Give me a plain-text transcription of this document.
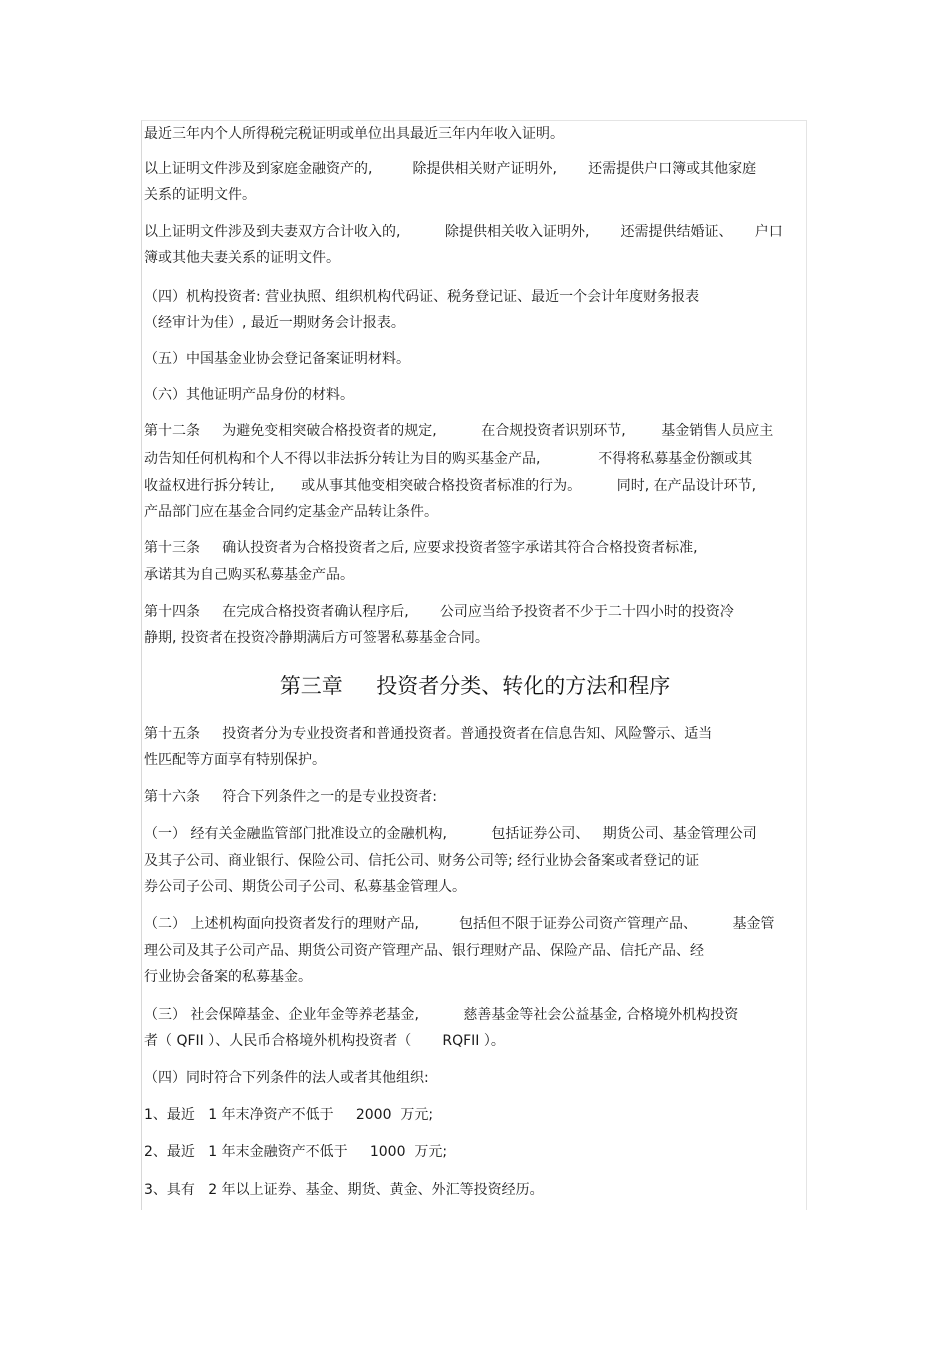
最近三年内个人所得税完税证明或单位出具最近三年内年收入证明。
以上证明文件涉及到家庭金融资产的,         除提供相关财产证明外,       还需提供户口簿或其他家庭
关系的证明文件。
以上证明文件涉及到夫妻双方合计收入的,          除提供相关收入证明外,       还需提供结婚证、     户口
簿或其他夫妻关系的证明文件。
（四）机构投资者: 营业执照、组织机构代码证、税务登记证、最近一个会计年度财务报表
（经审计为佳）, 最近一期财务会计报表。
（五）中国基金业协会登记备案证明材料。
（六）其他证明产品身份的材料。
第十二条     为避免变相突破合格投资者的规定,          在合规投资者识别环节,        基金销售人员应主
动告知任何机构和个人不得以非法拆分转让为目的购买基金产品,             不得将私募基金份额或其
收益权进行拆分转让,      或从事其他变相突破合格投资者标准的行为。        同时, 在产品设计环节,
产品部门应在基金合同约定基金产品转让条件。
第十三条     确认投资者为合格投资者之后, 应要求投资者签字承诺其符合合格投资者标准,
承诺其为自己购买私募基金产品。
第十四条     在完成合格投资者确认程序后,       公司应当给予投资者不少于二十四小时的投资冷
静期, 投资者在投资冷静期满后方可签署私募基金合同。
第三章     投资者分类、转化的方法和程序
第十五条     投资者分为专业投资者和普通投资者。普通投资者在信息告知、风险警示、适当
性匹配等方面享有特别保护。
第十六条     符合下列条件之一的是专业投资者:
（一） 经有关金融监管部门批准设立的金融机构,          包括证券公司、   期货公司、基金管理公司
及其子公司、商业银行、保险公司、信托公司、财务公司等; 经行业协会备案或者登记的证
券公司子公司、期货公司子公司、私募基金管理人。
（二） 上述机构面向投资者发行的理财产品,         包括但不限于证券公司资产管理产品、        基金管
理公司及其子公司产品、期货公司资产管理产品、银行理财产品、保险产品、信托产品、经
行业协会备案的私募基金。
（三） 社会保障基金、企业年金等养老基金,          慈善基金等社会公益基金, 合格境外机构投资
者（ QFII ）、人民币合格境外机构投资者（       RQFII ）。
（四）同时符合下列条件的法人或者其他组织:
1、最近   1 年末净资产不低于     2000  万元;
2、最近   1 年末金融资产不低于     1000  万元;
3、具有   2 年以上证券、基金、期货、黄金、外汇等投资经历。
